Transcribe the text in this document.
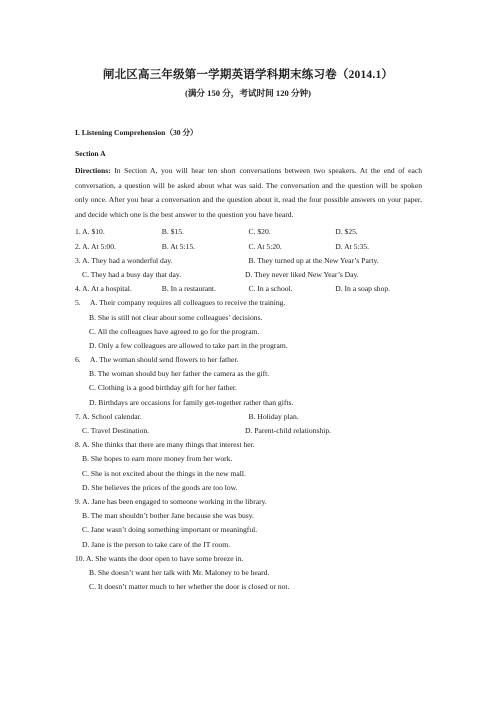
闸北区高三年级第一学期英语学科期末练习卷（2014.1）
(满分 150 分，考试时间 120 分钟)
I. Listening Comprehension（30 分）
Section A
Directions: In Section A, you will hear ten short conversations between two speakers. At the end of each conversation, a question will be asked about what was said. The conversation and the question will be spoken only once. After you hear a conversation and the question about it, read the four possible answers on your paper, and decide which one is the best answer to the question you have heard.
1. A. $10.	B. $15.	C. $20.	D. $25.
2. A. At 5:00.	B. At 5:15.	C. At 5:20.	D. At 5:35.
3. A. They had a wonderful day.	B. They turned up at the New Year’s Party.
C. They had a busy day that day.	D. They never liked New Year’s Day.
4. A. At a hospital.	B. In a restaurant.	C. In a school.	D. In a soap shop.
5. A. Their company requires all colleagues to receive the training.
B. She is still not clear about some colleagues’ decisions.
C. All the colleagues have agreed to go for the program.
D. Only a few colleagues are allowed to take part in the program.
6. A. The woman should send flowers to her father.
B. The woman should buy her father the camera as the gift.
C. Clothing is a good birthday gift for her father.
D. Birthdays are occasions for family get-together rather than gifts.
7. A. School calendar.	B. Holiday plan.
C. Travel Destination.	D. Parent-child relationship.
8. A. She thinks that there are many things that interest her.
B. She hopes to earn more money from her work.
C. She is not excited about the things in the new mall.
D. She believes the prices of the goods are too low.
9. A. Jane has been engaged to someone working in the library.
B. The man shouldn’t bother Jane because she was busy.
C. Jane wasn’t doing something important or meaningful.
D. Jane is the person to take care of the IT room.
10. A. She wants the door open to have some breeze in.
B. She doesn’t want her talk with Mr. Maloney to be heard.
C. It doesn’t matter much to her whether the door is closed or not.
